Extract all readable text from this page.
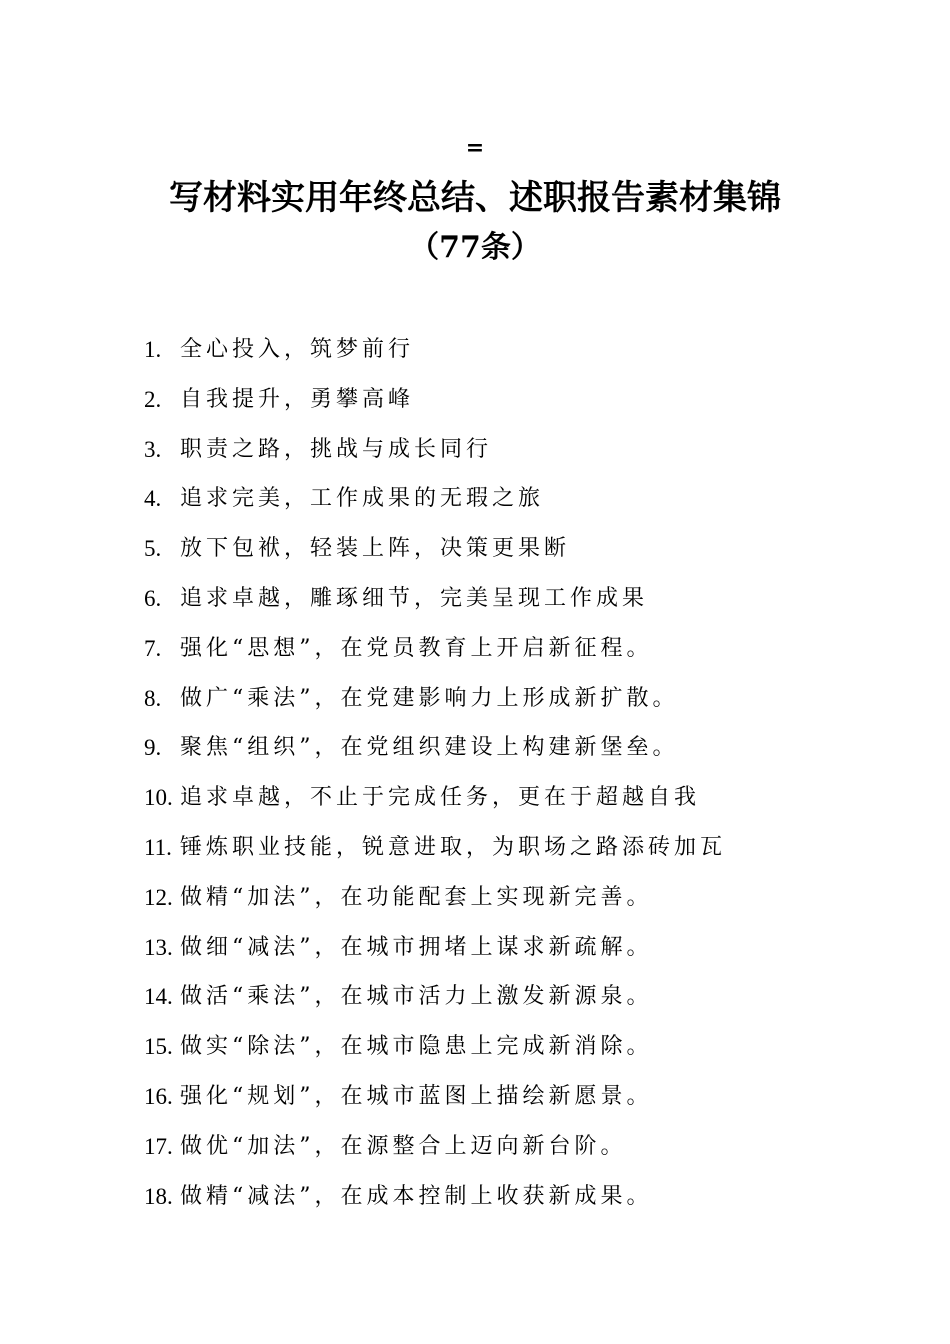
=
写材料实用年终总结、述职报告素材集锦
（77条）
1. 全心投入，筑梦前行
2. 自我提升，勇攀高峰
3. 职责之路，挑战与成长同行
4. 追求完美，工作成果的无瑕之旅
5. 放下包袱，轻装上阵，决策更果断
6. 追求卓越，雕琢细节，完美呈现工作成果
7. 强化“思想”，在党员教育上开启新征程。
8. 做广“乘法”，在党建影响力上形成新扩散。
9. 聚焦“组织”，在党组织建设上构建新堡垒。
10. 追求卓越，不止于完成任务，更在于超越自我
11. 锤炼职业技能，锐意进取，为职场之路添砖加瓦
12. 做精“加法”，在功能配套上实现新完善。
13. 做细“减法”，在城市拥堵上谋求新疏解。
14. 做活“乘法”，在城市活力上激发新源泉。
15. 做实“除法”，在城市隐患上完成新消除。
16. 强化“规划”，在城市蓝图上描绘新愿景。
17. 做优“加法”，在源整合上迈向新台阶。
18. 做精“减法”，在成本控制上收获新成果。
